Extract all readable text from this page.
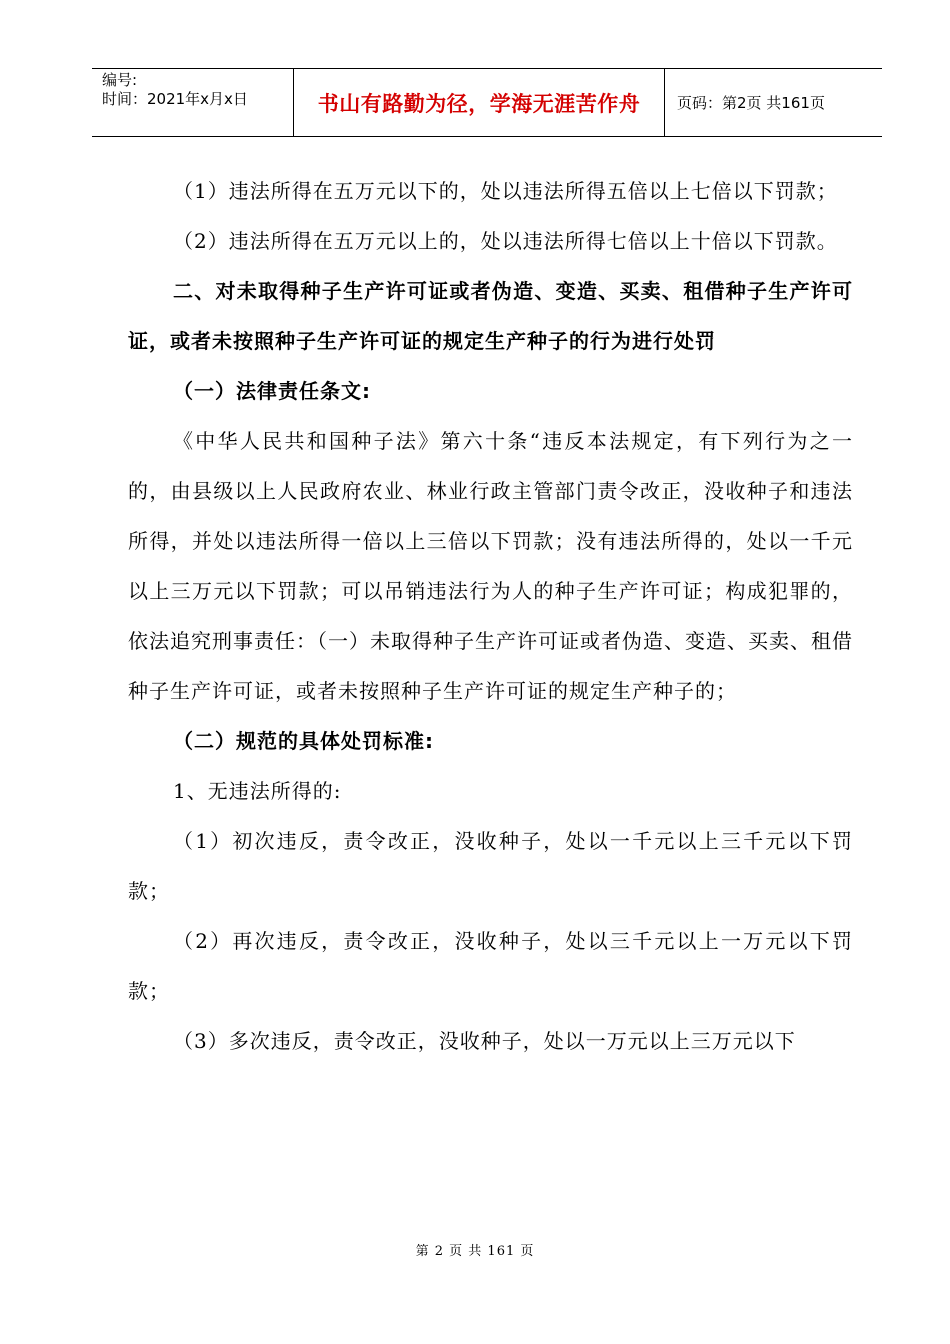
编号:
时间：2021年x月x日	书山有路勤为径，学海无涯苦作舟	页码：第2页 共161页

（1）违法所得在五万元以下的，处以违法所得五倍以上七倍以下罚款；

（2）违法所得在五万元以上的，处以违法所得七倍以上十倍以下罚款。

二、对未取得种子生产许可证或者伪造、变造、买卖、租借种子生产许可证，或者未按照种子生产许可证的规定生产种子的行为进行处罚

（一）法律责任条文:

《中华人民共和国种子法》第六十条“违反本法规定，有下列行为之一的，由县级以上人民政府农业、林业行政主管部门责令改正，没收种子和违法所得，并处以违法所得一倍以上三倍以下罚款；没有违法所得的，处以一千元以上三万元以下罚款；可以吊销违法行为人的种子生产许可证；构成犯罪的，依法追究刑事责任：（一）未取得种子生产许可证或者伪造、变造、买卖、租借种子生产许可证，或者未按照种子生产许可证的规定生产种子的；

（二）规范的具体处罚标准:

1、无违法所得的:

（1）初次违反，责令改正，没收种子，处以一千元以上三千元以下罚款；

（2）再次违反，责令改正，没收种子，处以三千元以上一万元以下罚款；

（3）多次违反，责令改正，没收种子，处以一万元以上三万元以下

第 2 页 共 161 页
